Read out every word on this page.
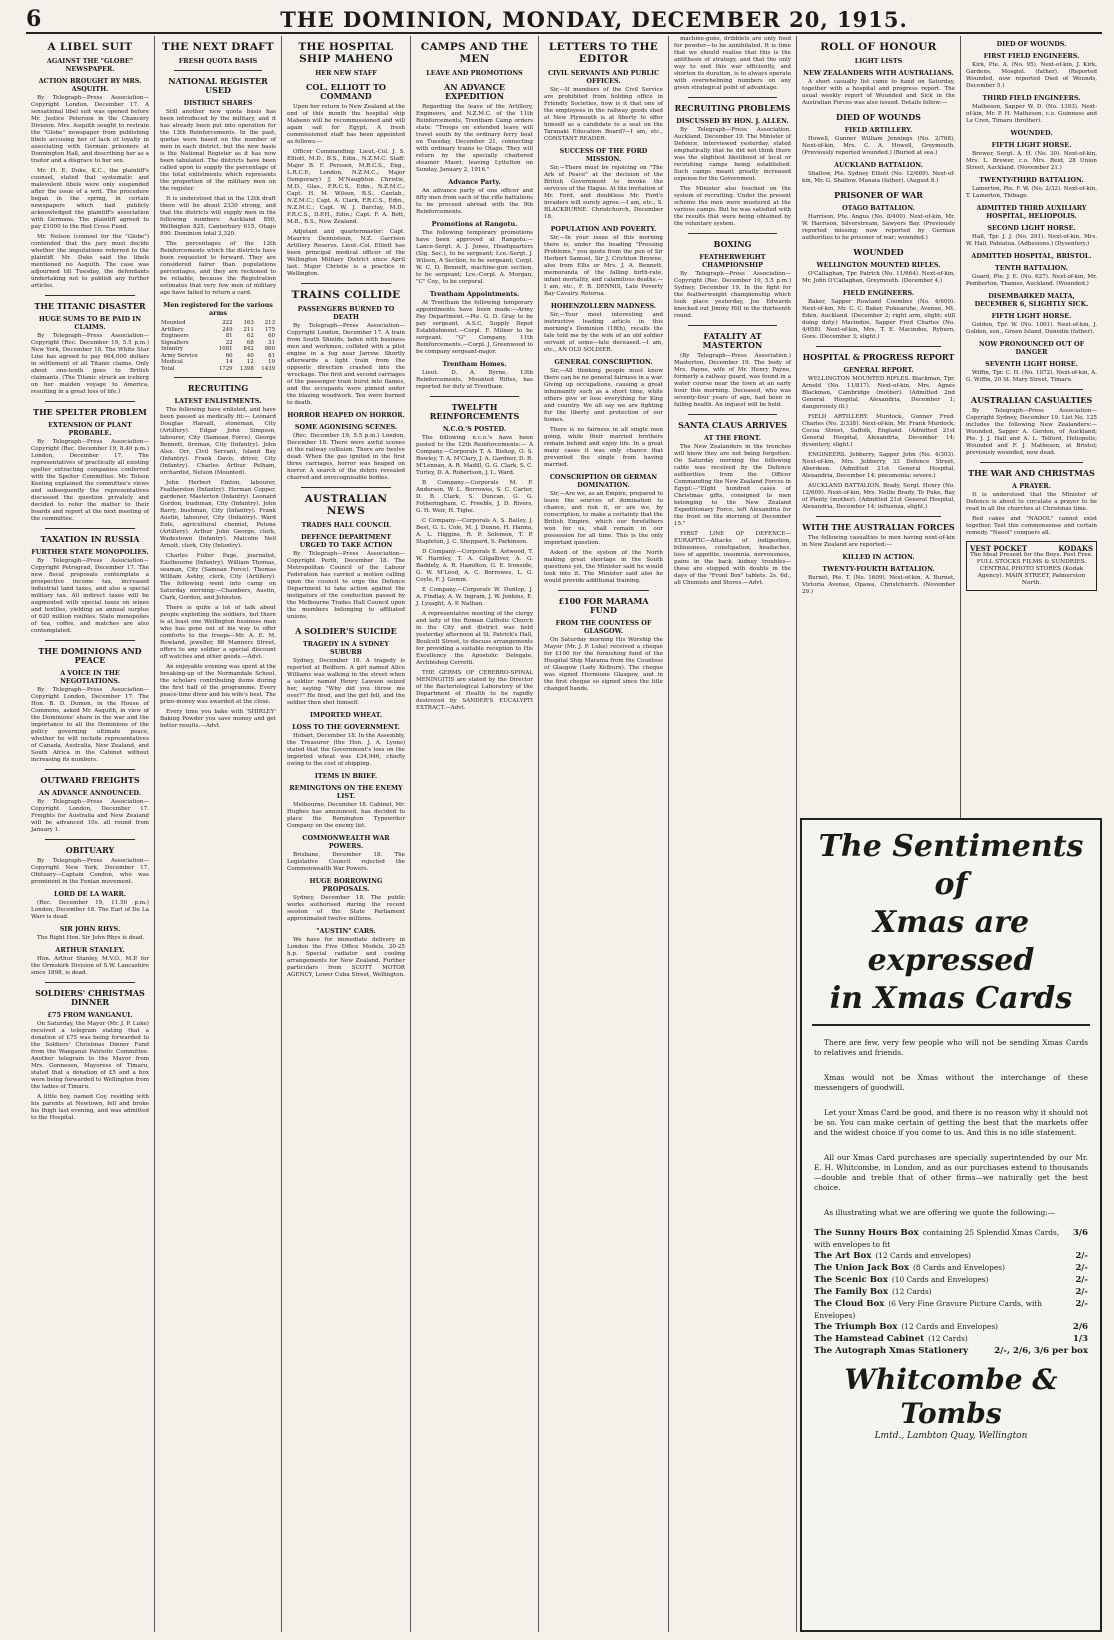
6	THE DOMINION, MONDAY, DECEMBER 20, 1915.
A LIBEL SUIT
AGAINST THE "GLOBE" NEWSPAPER.
ACTION BROUGHT BY MRS. ASQUITH.

By Telegraph—Press Association—Copyright London, December 17. A sensational libel suit was opened before Mr. Justice Peterson in the Chancery Division. Mrs. Asquith sought to restrain the "Globe" newspaper from publishing libels accusing her of lack of loyalty in associating with German prisoners at Donnington Hall, and describing her as a traitor and a disgrace to her sex.

Mr. H. E. Duke, K.C., the plaintiff's counsel, stated that systematic and malevolent libels were only suspended after the issue of a writ. The procedure began in the spring, in certain newspapers which had publicly acknowledged the plaintiff's association with Germans. The plaintiff agreed to pay £1000 to the Red Cross Fund.

Mr. Nelson (counsel for the "Globe") contended that the jury must decide whether the imputations referred to the plaintiff. Mr. Duke said the libels mentioned no Asquith. The case was adjourned till Tuesday, the defendants undertaking not to publish any further articles.

THE TITANIC DISASTER
HUGE SUMS TO BE PAID IN CLAIMS.

By Telegraph—Press Association—Copyright (Rec. December 19, 5.5 p.m.) New York, December 18. The White Star Line has agreed to pay 664,000 dollars in settlement of all Titanic claims. Only about one-tenth goes to British claimants. (The Titanic struck an iceberg on her maiden voyage to America, resulting in a great loss of life.)

THE SPELTER PROBLEM
EXTENSION OF PLANT PROBABLE.

By Telegraph—Press Association—Copyright (Rec. December 19, 8.40 p.m.) London, December 17. The representatives of practically all existing spelter extracting companies conferred with the Spelter Committee. Mr. Tolson Keeling explained the committee's views and subsequently the representatives discussed the question privately and decided to refer the matter to their boards and report at the next meeting of the committee.

TAXATION IN RUSSIA
FURTHER STATE MONOPOLIES.

By Telegraph—Press Association—Copyright Petrograd, December 17. The new fiscal proposals contemplate a prospective income tax, increased industrial land taxes, and also a special military tax. All indirect taxes will be augmented with special taxes on wines and textiles, yielding an annual surplus of 620 million roubles. State monopolies of tea, coffee, and matches are also contemplated.

THE DOMINIONS AND PEACE
A VOICE IN THE NEGOTIATIONS.

By Telegraph—Press Association—Copyright London, December 17. The Hon. B. D. Dumon, in the House of Commons, asked Mr. Asquith, in view of the Dominions' share in the war and the importance to all the Dominions of the policy governing ultimate peace, whether he will include representatives of Canada, Australia, New Zealand, and South Africa in the Cabinet without increasing its numbers.

OUTWARD FREIGHTS
AN ADVANCE ANNOUNCED.

By Telegraph—Press Association—Copyright London, December 17. Freights for Australia and New Zealand will be advanced 10s. all round from January 1.

OBITUARY

By Telegraph—Press Association—Copyright New York, December 17. Obituary—Captain Condon, who was prominent in the Fenian movement.

LORD DE LA WARR.

(Rec. December 19, 11.50 p.m.) London, December 18. The Earl of De La Warr is dead.

SIR JOHN RHYS.

The Right Hon. Sir John Rhys is dead.

ARTHUR STANLEY.

Hon. Arthur Stanley, M.V.O., M.P. for the Ormskirk Division of S.W. Lancashire since 1898, is dead.

SOLDIERS' CHRISTMAS DINNER
£75 FROM WANGANUI.

On Saturday, the Mayor (Mr. J. P. Luke) received a telegram stating that a donation of £75 was being forwarded to the Soldiers' Christmas Dinner Fund from the Wanganui Patriotic Committee. Another telegram to the Mayor from Mrs. Gonnesen, Mayoress of Timaru, stated that a donation of £5 and a box were being forwarded to Wellington from the ladies of Timaru.

A little boy, named Coy, residing with his parents at Newtown, fell and broke his thigh last evening, and was admitted to the Hospital.

THE NEXT DRAFT
FRESH QUOTA BASIS
NATIONAL REGISTER USED
DISTRICT SHARES

Still another new quota basis has been introduced by the military, and it has already been put into operation for the 13th Reinforcements. In the past, quotas were based on the number of men in each district, but the new basis is the National Register as it has now been tabulated. The districts have been called upon to supply the percentage of the total enlistments which represents the proportion of the military men on the register.

It is understood that in the 12th draft there will be about 2330 strong, and that the districts will supply men in the following numbers: Auckland 890, Wellington 825, Canterbury 615, Otago 890. Dominion total 2,320.

The percentages of the 12th Reinforcements which the districts have been requested to forward. They are considered fairer than populations percentages, and they are reckoned to be reliable, because the Registration estimates that very few men of military age have failed to return a card.

Men registered for the various arms
Mounted	222	163	213
Artillery	249	211	175
Engineers	81	62	60
Signallers	22	68	31
Infantry	1081	842	860
Army Service	60	40	81
Medical	14	12	19
Total	1729	1398	1439
RECRUITING
LATEST ENLISTMENTS.

The following have enlisted, and have been passed as medically fit:— Leonard Douglas Harsall, stoneman, City (Artillery). Edgar John Simpson, labourer, City (Samoan Force). George Bennett, fireman, City (Infantry). John Alex. Orr, Civil Servant, Island Bay (Infantry). Frank Davis, driver, City (Infantry). Charles Arthur Pelham, orchardist, Nelson (Mounted).

John Herbert Emton, labourer, Featherston (Infantry). Herman Copper, gardener, Masterton (Infantry). Leonard Gordon, bushman, City (Infantry). John Barry, bushman, City (Infantry). Frank Austin, labourer, City (Infantry). Ward Eide, agricultural chemist, Petone (Artillery). Arthur John George, clerk, Wadestown (Infantry). Malcolm Neil Arnott, clerk, City (Infantry).

Charles Fuller Page, journalist, Eastbourne (Infantry). William Thomas, seaman, City (Samoan Force). Thomas William Ashby, clerk, City (Artillery). The following went into camp on Saturday morning:—Chambers, Austin, Clark, Gordon, and Johnston.

There is quite a lot of talk about people exploiting the soldiers, but there is at least one Wellington business man who has gone out of his way to offer comforts to the troops—Mr. A. E. M. Rowland, jeweller, 86 Manners Street, offers to any soldier a special discount off watches and other goods.—Advt.

An enjoyable evening was spent at the breaking-up of the Normandale School, the scholars contributing items during the first half of the programme. Every peace-time diver and his wife's best. The prize-money was awarded at the close.

Every time you bake with 'SHIRLEY' Baking Powder you save money and get better results.—Advt.

THE HOSPITAL SHIP MAHENO
HER NEW STAFF
COL. ELLIOTT TO COMMAND

Upon her return to New Zealand at the end of this month the hospital ship Maheno will be recommissioned and will again sail for Egypt. A fresh commissioned staff has been appointed as follows:—

Officer Commanding: Lieut.-Col. J. S. Elliott, M.D., B.S., Edin., N.Z.M.C. Staff: Major B. F. Perssen, M.R.C.S., Eng., L.R.C.P., London, N.Z.M.C.; Major (temporary) J. M'Naughton Christie, M.D., Glas., F.R.C.S., Edin., N.Z.M.C.; Capt. H. M. Wilson, B.S., Cantab., N.Z.M.C.; Capt. A. Clark, F.R.C.S., Edin., N.Z.M.C.; Capt. W. J. Barclay, M.D., F.R.C.S., D.P.H., Edin.; Capt. F. A. Bott, M.B., B.S., New Zealand.

Adjutant and quartermaster: Capt. Maurice Dennistoun, N.Z. Garrison Artillery Reserve. Lieut.-Col. Elliott has been principal medical officer of the Wellington Military District since April last. Major Christie is a practice in Wellington.

TRAINS COLLIDE
PASSENGERS BURNED TO DEATH

By Telegraph—Press Association—Copyright London, December 17. A train from South Shields, laden with business men and workmen, collided with a pilot engine in a fog near Jarrow. Shortly afterwards a light train from the opposite direction crashed into the wreckage. The first and second carriages of the passenger train burst into flames, and the occupants were pinned under the blazing woodwork. Ten were burned to death.

HORROR HEAPED ON HORROR.
SOME AGONISING SCENES.

(Rec. December 19, 5.5 p.m.) London, December 18. There were awful scenes at the railway collision. There are twelve dead. When the gas ignited in the first three carriages, horror was heaped on horror. A search of the debris revealed charred and unrecognisable bodies.

AUSTRALIAN NEWS
TRADES HALL COUNCIL
DEFENCE DEPARTMENT URGED TO TAKE ACTION

By Telegraph—Press Association—Copyright Perth, December 18. The Metropolitan Council of the Labour Federation has carried a motion calling upon the council to urge the Defence Department to take action against the instigators of the conduction passed by the Melbourne Trades Hall Council upon the members belonging to affiliated unions.

A SOLDIER'S SUICIDE
TRAGEDY IN A SYDNEY SUBURB

Sydney, December 18. A tragedy is reported at Redfern. A girl named Alice Williams was walking in the street when a soldier named Henry Lawson seized her, saying "Why did you throw me over?" He fired, and the girl fell, and the soldier then shot himself.

IMPORTED WHEAT.
LOSS TO THE GOVERNMENT.

Hobart, December 18. In the Assembly, the Treasurer (the Hon. J. A. Lyons) stated that the Government's loss on the imported wheat was £34,946, chiefly owing to the cost of shipping.

ITEMS IN BRIEF.
REMINGTONS ON THE ENEMY LIST.

Melbourne, December 18. Cabinet, Mr. Hughes has announced, has decided to place the Remington Typewriter Company on the enemy list.

COMMONWEALTH WAR POWERS.

Brisbane, December 18. The Legislative Council rejected the Commonwealth War Powers.

HUGE BORROWING PROPOSALS.

Sydney, December 18. The public works authorised during the recent session of the State Parliament approximated twelve millions.

"AUSTIN" CARS.

We have for immediate delivery in London the Five Office Models, 20-25 h.p. Special radiator and cooling arrangements for New Zealand. Further particulars from SCOTT MOTOR AGENCY, Lower Cuba Street, Wellington.

CAMPS AND THE MEN
LEAVE AND PROMOTIONS
AN ADVANCE EXPEDITION

Regarding the leave of the Artillery, Engineers, and N.Z.M.C. of the 11th Reinforcements, Trentham Camp orders state: "Troops on extended leave will travel south by the ordinary ferry boat on Tuesday, December 21, connecting with ordinary trains to Otago. They will return by the specially chartered steamer Maori, leaving Lyttelton on Sunday, January 2, 1916."

Advance Party.

An advance party of one officer and fifty men from each of the rifle battalions to be proceed abroad with the 9th Reinforcements.

Promotions at Rangotu.

The following temporary promotions have been approved at Rangotu:—Lance-Sergt. A. J. Jones, Headquarters (Sig. Sec.), to be sergeant; Lce.-Sergt. J. Wilson, A Section, to be sergeant; Corpl. W. C. D. Bennett, machine-gun section, to be sergeant; Lce.-Corpl. A. Morgan, "C" Coy., to be corporal.

Trentham Appointments.

At Trentham the following temporary appointments have been made:—Army Pay Department.—Pte. G. D. Gray to be pay sergeant. A.S.C. Supply Depot Establishment.—Corpl. F. Milner to be sergeant. "G" Company, 11th Reinforcements.—Corpl. J. Greenwood to be company sergeant-major.

Trentham Homes.

Lieut. D. A. Byrne, 13th Reinforcements, Mounted Rifles, has reported for duty at Trentham.

TWELFTH REINFORCEMENTS
N.C.O.'S POSTED.

The following n.c.o.'s have been posted to the 12th Reinforcements:— A Company.—Corporals T. A. Bishop, O. S. Rowley, T. A. M'Clary, J. A. Gardner, D. R. M'Lennan, A. R. Madill, G. G. Clark, S. C. Turley, D. A. Robertson, J. L. Ward.

B Company.—Corporals M. F. Anderson, W. L. Borrowes, S. C. Carter, D. B. Clark, S. Duncan, G. G. Fotheringham, C. Freeble, J. D. Rivers, G. H. Weir, H. Tighe.

C Company.—Corporals A. S. Bailey, J. Best, G. L. Cole, M. J. Dunne, H. Hanna, A. L. Higgins, R. P. Solomon, T. P. Stapleton, J. C. Sheppard, S. Parkinson.

D Company.—Corporals E. Astwood, T. W. Harnley, T. A. Gilgalliver, A. G. Baddely, A. R. Hamilton, G. E. Ironside, G. W. M'Leod, A. C. Borrowes, L. G. Coyle, F. J. Gomm.

E Company.—Corporals W. Dunlop, J. A. Findlay, A. W. Ingram, J. W. Jenkins, E. J. Lysaght, A. P. Nathan.

A representative meeting of the clergy and laity of the Roman Catholic Church in the City and district was held yesterday afternoon at St. Patrick's Hall, Boulcott Street, to discuss arrangements for providing a suitable reception to His Excellency the Apostolic Delegate, Archbishop Cerretti.

THE GERMS OF CEREBRO-SPINAL MENINGITIS are stated by the Director of the Bacteriological Laboratory of the Department of Health to be rapidly destroyed by SANDER'S EUCALYPTI EXTRACT.—Advt.

LETTERS TO THE EDITOR
CIVIL SERVANTS AND PUBLIC OFFICES.

Sir,—If members of the Civil Service are prohibited from holding office in Friendly Societies, how is it that one of the employees in the railway goods shed at New Plymouth is at liberty to offer himself as a candidate to a seat on the Taranaki Education Board?—I am, etc., CONSTANT READER.

SUCCESS OF THE FORD MISSION.

Sir,—There must be rejoicing on "The Ark of Peace" at the decision of the British Government to invoke the services of the Hague. At the invitation of Mr. Ford, and doubtless Mr. Ford's invaders will surely agree.—I am, etc., S. BLACKBURNE. Christchurch, December 18.

POPULATION AND POVERTY.

Sir,—In your issue of this morning there is, under the heading "Pressing Problems," you quote from the pen of Sir Herbert Samuel, Sir J. Crichton Browne, also from Ellis or Mrs. J. A. Bennett, memoranda of the falling birth-rate, infant mortality, and calamitous deaths.—I am, etc., F. B. DENNIS, Late Poverty Bay Cavalry. Rotorua.

HOHENZOLLERN MADNESS.

Sir,—Your most interesting and instructive leading article in this morning's Dominion (18th), recalls the tale told me by the wife of an old soldier servant of some—late deceased.—I am, etc., AN OLD SOLDIER.

GENERAL CONSCRIPTION.

Sir,—All thinking people must know there can be no general fairness in a war. Giving up occupations, causing a great inhumanity such as a short time, while others give or lose everything for King and country. We all say we are fighting for the liberty and protection of our homes.

There is no fairness in all single men going, while their married brothers remain behind and enjoy life. In a great many cases it was only chance that prevented the single from having married.

CONSCRIPTION OR GERMAN DOMINATION.

Sir,—Are we, as an Empire, prepared to leave the sources of domination to chance, and risk it, or are we, by conscription, to make a certainty that the British Empire, which our forefathers won for us, shall remain in our possession for all time. This is the only important question.

Asked of the system of the North making great shortage in the South questions yet, the Minister said he would look into it. The Minister said also he would provide additional training.

£100 FOR MARAMA FUND
FROM THE COUNTESS OF GLASGOW.

On Saturday morning His Worship the Mayor (Mr. J. P. Luke) received a cheque for £100 for the furnishing fund of the Hospital Ship Marama from the Countess of Glasgow (Lady Kelburn). The cheque was signed Hermione Glasgow, and in the first cheque so signed since the title changed hands.

machine-guns, dribblets are only food for powder—to be annihilated. It is time that we should realise that this is the antithesis of strategy, and that the only way to end this war efficiently, and shorten its duration, is to always operate with overwhelming numbers on any given strategical point of advantage.

RECRUITING PROBLEMS
DISCUSSED BY HON. J. ALLEN.

By Telegraph—Press Association. Auckland, December 19. The Minister of Defence, interviewed yesterday, stated emphatically that he did not think there was the slightest likelihood of local or recruiting camps being established. Such camps meant greatly increased expense for the Government.

The Minister also touched on the system of recruiting. Under the present scheme the men were mustered at the various camps. But he was satisfied with the results that were being obtained by the voluntary system.

BOXING
FEATHERWEIGHT CHAMPIONSHIP

By Telegraph—Press Association—Copyright (Rec. December 19, 5.5 p.m.) Sydney, December 19. In the fight for the featherweight championship which took place yesterday, Joe Edwards knocked out Jimmy Hill in the thirteenth round.

FATALITY AT MASTERTON

(By Telegraph—Press Association.) Masterton, December 19. The body of Mrs. Payne, wife of Mr. Henry Payne, formerly a railway guard, was found in a water course near the town at an early hour this morning. Deceased, who was seventy-four years of age, had been in failing health. An inquest will be held.

SANTA CLAUS ARRIVES
AT THE FRONT.

The New Zealanders in the trenches will know they are not being forgotten. On Saturday morning the following cable was received by the Defence authorities from the Officer Commanding the New Zealand Forces in Egypt:—"Eight hundred cases of Christmas gifts, consigned to men belonging to the New Zealand Expeditionary Force, left Alexandria for the front on the morning of December 15."

FIRST LINE OF DEFENCE—EURAPTIC—Attacks of indigestion, biliousness, constipation, headaches, loss of appetite, insomnia, nervousness, pains in the back, kidney troubles—these are stopped with doubts in the days of the "Front Box" tablets. 2s. 6d., all Chemists and Stores.—Advt.

ROLL OF HONOUR
LIGHT LISTS
NEW ZEALANDERS WITH AUSTRALIANS.

A short casualty list came to hand on Saturday, together with a hospital and progress report. The usual weekly report of Wounded and Sick in the Australian Forces was also issued. Details follow:—

DIED OF WOUNDS
FIELD ARTILLERY.

Howell, Gunner William Jennings (No. 2/768), Next-of-kin, Mrs. C. A. Howell, Greymouth. (Previously reported wounded.) (Buried at sea.)

AUCKLAND BATTALION.

Shallow, Pte. Sydney Elliott (No. 12/669). Next-of-kin, Mr. G. Shallow, Manaia (father). (August 8.)

PRISONER OF WAR
OTAGO BATTALION.

Harrison, Pte. Angus (No. 8/400). Next-of-kin, Mr. W. Harrison, Silverstream, Sawyers Bay. (Previously reported missing; now reported by German authorities to be prisoner of war; wounded.)

WOUNDED
WELLINGTON MOUNTED RIFLES.

O'Callaghan, Tpr. Patrick (No. 11/664). Next-of-kin, Mr. John O'Callaghan, Greymouth. (December 4.)

FIELD ENGINEERS.

Baker, Sapper Rowland Coombes (No. 4/609). Next-of-kin, Mr. C. C. Baker, Pukearuhe, Avenue, Mt. Eden, Auckland. (December 2; right arm, slight; still doing duty.) Macindoe, Sapper Fred Charles (No. 4/658). Next-of-kin, Mrs. T. E. Macindoe, Ryburn, Gore. (December 3; slight.)

HOSPITAL & PROGRESS REPORT
GENERAL REPORT.

WELLINGTON MOUNTED RIFLES. Blackman, Tpr. Arnold (No. 11/817). Next-of-kin, Mrs. Agnes Blackman, Cambridge (mother). (Admitted 2nd General Hospital, Alexandria, December 1; dangerously ill.)

FIELD ARTILLERY. Murdock, Gunner Fred. Charles (No. 2/338). Next-of-kin, Mr. Frank Murdock, Cocoa Street, Suffolk, England. (Admitted 21st General Hospital, Alexandria, December 14; dysentery, slight.)

ENGINEERS. Jebberry, Sapper John (No. 4/303). Next-of-kin, Mrs. Jebberry, 33 Defence Street, Aberdeen. (Admitted 21st General Hospital, Alexandria, December 14; pneumonia; severe.)

AUCKLAND BATTALION. Brady, Sergt. Henry (No. 12/609). Next-of-kin, Mrs. Nellie Brady, Te Puke, Bay of Plenty (mother). (Admitted 21st General Hospital, Alexandria, December 14; influenza, slight.)

WITH THE AUSTRALIAN FORCES

The following casualties to men having next-of-kin in New Zealand are reported:—

KILLED IN ACTION.
TWENTY-FOURTH BATTALION.

Burnet, Pte. T. (No. 1609). Next-of-kin, A. Burnet, Victoria Avenue, Opawa, Christchurch. (November 29.)

DIED OF WOUNDS.
FIRST FIELD ENGINEERS.

Kirk, Pte. A. (No. 95). Next-of-kin, J. Kirk, Gardens, Mosgiel. (father). (Reported Wounded, now reported Died of Wounds, December 5.)

THIRD FIELD ENGINEERS.

Matheson, Sapper W. D. (No. 1393). Next-of-kin, Mr. P. H. Matheson, c.o. Guinness and Le Cren, Timaru (brother).

WOUNDED.
FIFTH LIGHT HORSE.

Brewer, Sergt. A. H. (No. 30). Next-of-kin, Mrs. L. Brewer, c.o. Mrs. Reid, 28 Union Street, Auckland. (November 21.)

TWENTY-THIRD BATTALION.

Lamerton, Pte. F. W. (No. 2/32). Next-of-kin, T. Lamerton, Thibage.

ADMITTED THIRD AUXILIARY HOSPITAL, HELIOPOLIS.
SECOND LIGHT HORSE.

Hall, Tpr. J. J. (No. 291). Next-of-kin, Mrs. W. Hall, Pahiatua. (Adhesions.) (Dysentery.)

ADMITTED HOSPITAL, BRISTOL.
TENTH BATTALION.

Goard, Pte. J. E. (No. 627). Next-of-kin, Mr. Pemberton, Thames, Auckland. (Wounded.)

DISEMBARKED MALTA, DECEMBER 6, SLIGHTLY SICK.
FIFTH LIGHT HORSE.

Golden, Tpr. W. (No. 1001). Next-of-kin, J. Golden, sen., Green Island, Dunedin (father).

NOW PRONOUNCED OUT OF DANGER
SEVENTH LIGHT HORSE.

Wiffin, Tpr. C. H. (No. 1072). Next-of-kin, A. G. Wiffin, 20 St. Mary Street, Timaru.

AUSTRALIAN CASUALTIES

By Telegraph—Press Association—Copyright Sydney, December 19. List No. 125 includes the following New Zealanders:—Wounded, Sapper A. Gordon, of Auckland; Pte. J. J. Hall and A. L. Telford, Heliopolis; Wounded and F. J. Matheson, at Bristol; previously wounded, now dead.

THE WAR AND CHRISTMAS
A PRAYER.

It is understood that the Minister of Defence is about to circulate a prayer to be read in all the churches at Christmas time.

Red cakes and "NAOOL" cannot exist together. Test this commonsense and certain remedy. "Naool" conquers all.

VEST POCKET	KODAKS
The Ideal Present for the Boys. Post Free. FULL STOCKS FILMS & SUNDRIES. CENTRAL PHOTO STORES (Kodak Agency). MAIN STREET, Palmerston North.
The Sentiments of
Xmas are expressed
in Xmas Cards

There are few, very few people who will not be sending Xmas Cards to relatives and friends.

Xmas would not be Xmas without the interchange of these messengers of goodwill.

Let your Xmas Card be good, and there is no reason why it should not be so. You can make certain of getting the best that the markets offer and the widest choice if you come to us. And this is no idle statement.

All our Xmas Card purchases are specially superintended by our Mr. E. H. Whitcombe, in London, and as our purchases extend to thousands—double and treble that of other firms—we naturally get the best choice.

As illustrating what we are offering we quote the following:—

The Sunny Hours Box containing 25 Splendid Xmas Cards, with envelopes to fit
3/6
The Art Box (12 Cards and envelopes)	2/-
The Union Jack Box (8 Cards and Envelopes)	2/-
The Scenic Box (10 Cards and Envelopes)	2/-
The Family Box (12 Cards)	2/-
The Cloud Box (6 Very Fine Gravure Picture Cards, with Envelopes)
2/-
The Triumph Box (12 Cards and Envelopes)	2/6
The Hamstead Cabinet (12 Cards)	1/3
The Autograph Xmas Stationery	2/-, 2/6, 3/6 per box
Whitcombe & Tombs
Lmtd., Lambton Quay, Wellington
